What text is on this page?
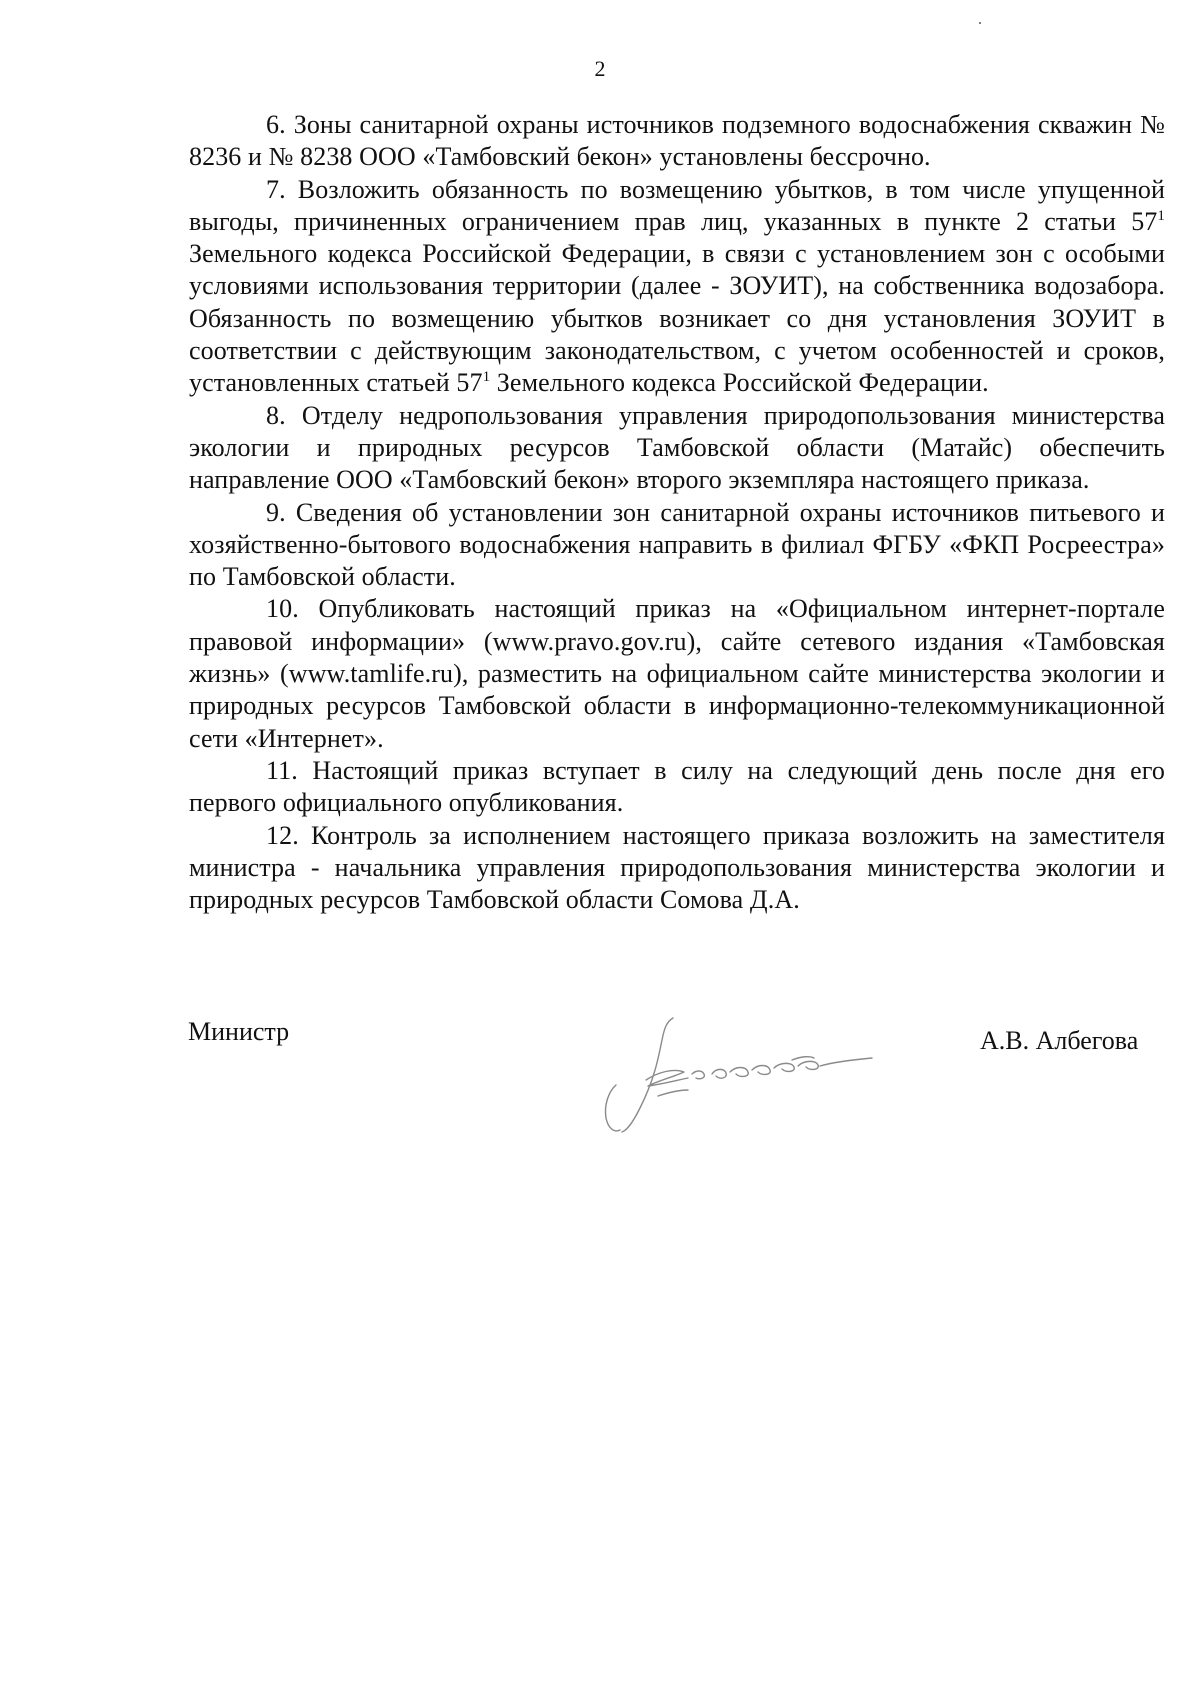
2

6. Зоны санитарной охраны источников подземного водоснабжения скважин № 8236 и № 8238 ООО «Тамбовский бекон» установлены бессрочно.

7. Возложить обязанность по возмещению убытков, в том числе упущенной выгоды, причиненных ограничением прав лиц, указанных в пункте 2 статьи $57^1$ Земельного кодекса Российской Федерации, в связи с установлением зон с особыми условиями использования территории (далее - ЗОУИТ), на собственника водозабора. Обязанность по возмещению убытков возникает со дня установления ЗОУИТ в соответствии с действующим законодательством, с учетом особенностей и сроков, установленных статьей $57^1$ Земельного кодекса Российской Федерации.

8. Отделу недропользования управления природопользования министерства экологии и природных ресурсов Тамбовской области (Матайс) обеспечить направление ООО «Тамбовский бекон» второго экземпляра настоящего приказа.

9. Сведения об установлении зон санитарной охраны источников питьевого и хозяйственно-бытового водоснабжения направить в филиал ФГБУ «ФКП Росреестра» по Тамбовской области.

10. Опубликовать настоящий приказ на «Официальном интернет-портале правовой информации» (www.pravo.gov.ru), сайте сетевого издания «Тамбовская жизнь» (www.tamlife.ru), разместить на официальном сайте министерства экологии и природных ресурсов Тамбовской области в информационно-телекоммуникационной сети «Интернет».

11. Настоящий приказ вступает в силу на следующий день после дня его первого официального опубликования.

12. Контроль за исполнением настоящего приказа возложить на заместителя министра - начальника управления природопользования министерства экологии и природных ресурсов Тамбовской области Сомова Д.А.

Министр	А.В. Албегова
